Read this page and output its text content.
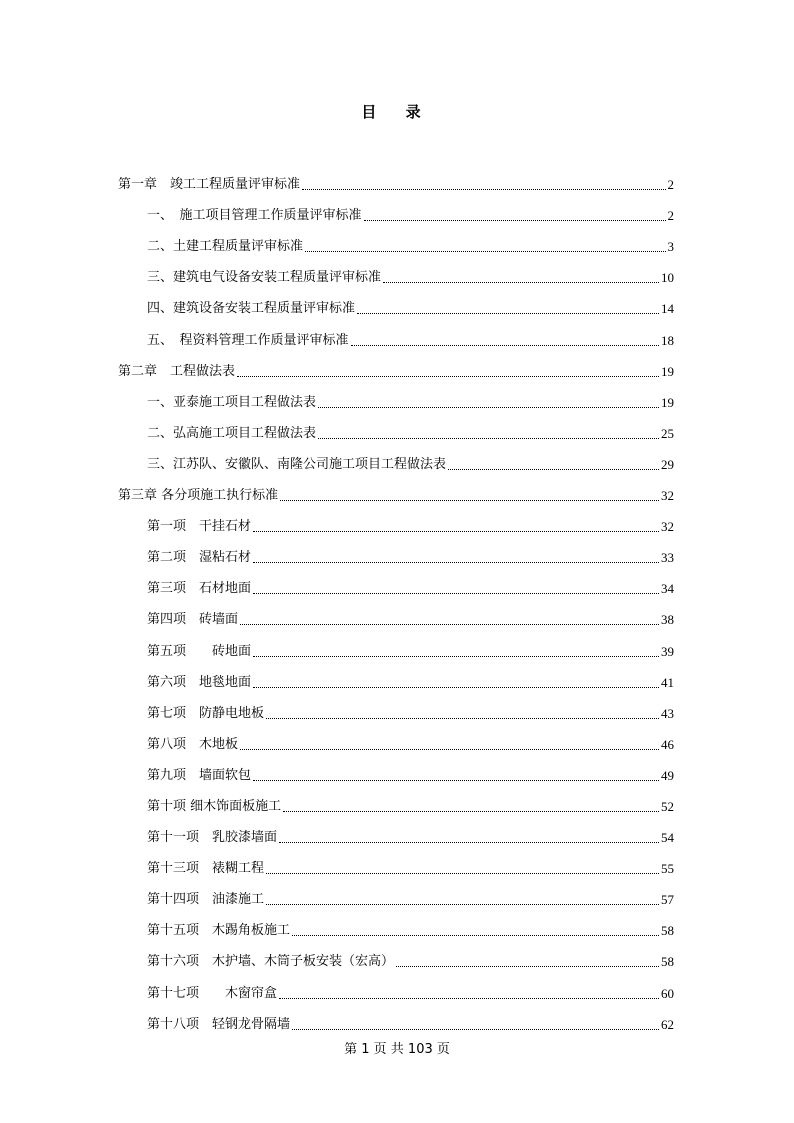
目 录
第一章　竣工工程质量评审标准	2
一、　施工项目管理工作质量评审标准	2
二、土建工程质量评审标准	3
三、建筑电气设备安装工程质量评审标准	10
四、建筑设备安装工程质量评审标准	14
五、　程资料管理工作质量评审标准	18
第二章　工程做法表	19
一、亚泰施工项目工程做法表	19
二、弘高施工项目工程做法表	25
三、江苏队、安徽队、南隆公司施工项目工程做法表	29
第三章 各分项施工执行标准	32
第一项　干挂石材	32
第二项　湿粘石材	33
第三项　石材地面	34
第四项　砖墙面	38
第五项　　砖地面	39
第六项　地毯地面	41
第七项　防静电地板	43
第八项　木地板	46
第九项　墙面软包	49
第十项 细木饰面板施工	52
第十一项　乳胶漆墙面	54
第十三项　裱糊工程	55
第十四项　油漆施工	57
第十五项　木踢角板施工	58
第十六项　木护墙、木筒子板安装（宏高）	58
第十七项　　木窗帘盒	60
第十八项　轻钢龙骨隔墙	62
第 1 页 共 103 页
